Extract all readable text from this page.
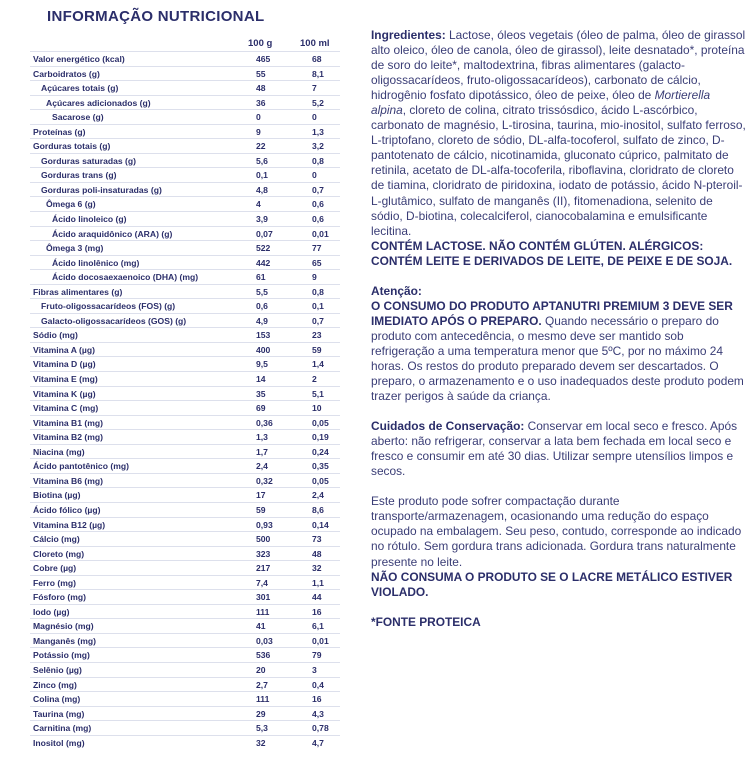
INFORMAÇÃO NUTRICIONAL
100 g	100 ml
Valor energético (kcal)	465	68
Carboidratos (g)	55	8,1
Açúcares totais (g)	48	7
Açúcares adicionados (g)	36	5,2
Sacarose (g)	0	0
Proteínas (g)	9	1,3
Gorduras totais (g)	22	3,2
Gorduras saturadas (g)	5,6	0,8
Gorduras trans (g)	0,1	0
Gorduras poli-insaturadas (g)	4,8	0,7
Ômega 6 (g)	4	0,6
Ácido linoleico (g)	3,9	0,6
Ácido araquidônico (ARA) (g)	0,07	0,01
Ômega 3 (mg)	522	77
Ácido linolênico (mg)	442	65
Ácido docosaexaenoico (DHA) (mg)	61	9
Fibras alimentares (g)	5,5	0,8
Fruto-oligossacarídeos (FOS) (g)	0,6	0,1
Galacto-oligossacarídeos (GOS) (g)	4,9	0,7
Sódio (mg)	153	23
Vitamina A (µg)	400	59
Vitamina D (µg)	9,5	1,4
Vitamina E (mg)	14	2
Vitamina K (µg)	35	5,1
Vitamina C (mg)	69	10
Vitamina B1 (mg)	0,36	0,05
Vitamina B2 (mg)	1,3	0,19
Niacina (mg)	1,7	0,24
Ácido pantotênico (mg)	2,4	0,35
Vitamina B6 (mg)	0,32	0,05
Biotina (µg)	17	2,4
Ácido fólico (µg)	59	8,6
Vitamina B12 (µg)	0,93	0,14
Cálcio (mg)	500	73
Cloreto (mg)	323	48
Cobre (µg)	217	32
Ferro (mg)	7,4	1,1
Fósforo (mg)	301	44
Iodo (µg)	111	16
Magnésio (mg)	41	6,1
Manganês (mg)	0,03	0,01
Potássio (mg)	536	79
Selênio (µg)	20	3
Zinco (mg)	2,7	0,4
Colina (mg)	111	16
Taurina (mg)	29	4,3
Carnitina (mg)	5,3	0,78
Inositol (mg)	32	4,7

Ingredientes: Lactose, óleos vegetais (óleo de palma, óleo de girassol alto oleico, óleo de canola, óleo de girassol), leite desnatado*, proteína de soro do leite*, maltodextrina, fibras alimentares (galacto-oligossacarídeos, fruto-oligossacarídeos), carbonato de cálcio, hidrogênio fosfato dipotássico, óleo de peixe, óleo de Mortierella alpina, cloreto de colina, citrato trissósdico, ácido L-ascórbico, carbonato de magnésio, L-tirosina, taurina, mio-inositol, sulfato ferroso, L-triptofano, cloreto de sódio, DL-alfa-tocoferol, sulfato de zinco, D-pantotenato de cálcio, nicotinamida, gluconato cúprico, palmitato de retinila, acetato de DL-alfa-tocoferila, riboflavina, cloridrato de cloreto de tiamina, cloridrato de piridoxina, iodato de potássio, ácido N-pteroil-L-glutâmico, sulfato de manganês (II), fitomenadiona, selenito de sódio, D-biotina, colecalciferol, cianocobalamina e emulsificante lecitina.

CONTÉM LACTOSE. NÃO CONTÉM GLÚTEN. ALÉRGICOS: CONTÉM LEITE E DERIVADOS DE LEITE, DE PEIXE E DE SOJA.

Atenção:
O CONSUMO DO PRODUTO APTANUTRI PREMIUM 3 DEVE SER IMEDIATO APÓS O PREPARO. Quando necessário o preparo do produto com antecedência, o mesmo deve ser mantido sob refrigeração a uma temperatura menor que 5ºC, por no máximo 24 horas. Os restos do produto preparado devem ser descartados. O preparo, o armazenamento e o uso inadequados deste produto podem trazer perigos à saúde da criança.

Cuidados de Conservação: Conservar em local seco e fresco. Após aberto: não refrigerar, conservar a lata bem fechada em local seco e fresco e consumir em até 30 dias. Utilizar sempre utensílios limpos e secos.

Este produto pode sofrer compactação durante transporte/armazenagem, ocasionando uma redução do espaço ocupado na embalagem. Seu peso, contudo, corresponde ao indicado no rótulo. Sem gordura trans adicionada. Gordura trans naturalmente presente no leite.

NÃO CONSUMA O PRODUTO SE O LACRE METÁLICO ESTIVER VIOLADO.

*FONTE PROTEICA
